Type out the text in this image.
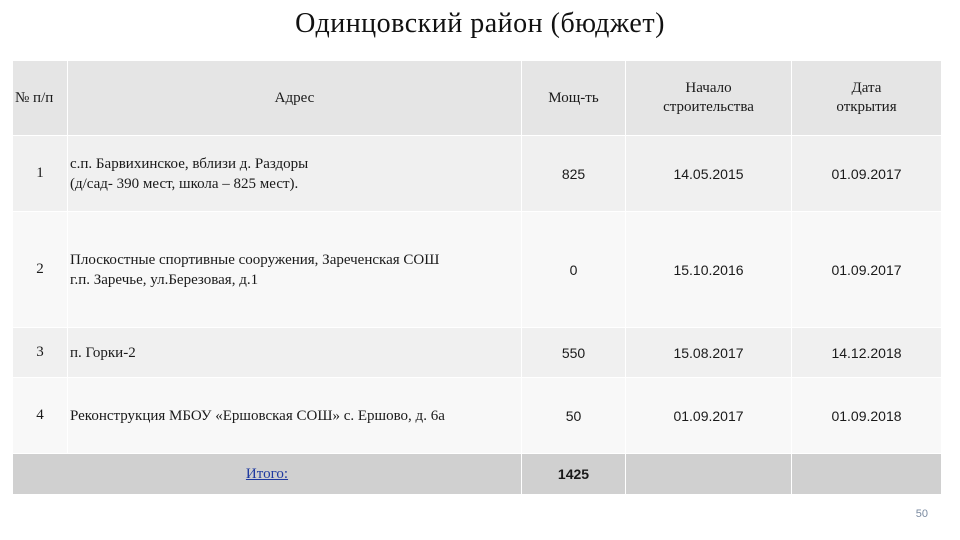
Одинцовский район (бюджет)
№ п/п	Адрес	Мощ-ть	Начало строительства	Дата открытия
1	с.п. Барвихинское, вблизи д. Раздоры
(д/сад- 390 мест, школа – 825 мест).	825	14.05.2015	01.09.2017
2	Плоскостные спортивные сооружения, Зареченская СОШ
г.п. Заречье, ул.Березовая, д.1	0	15.10.2016	01.09.2017
3	п. Горки-2	550	15.08.2017	14.12.2018
4	Реконструкция МБОУ «Ершовская СОШ» с. Ершово, д. 6а	50	01.09.2017	01.09.2018
Итого:		1425		
50
